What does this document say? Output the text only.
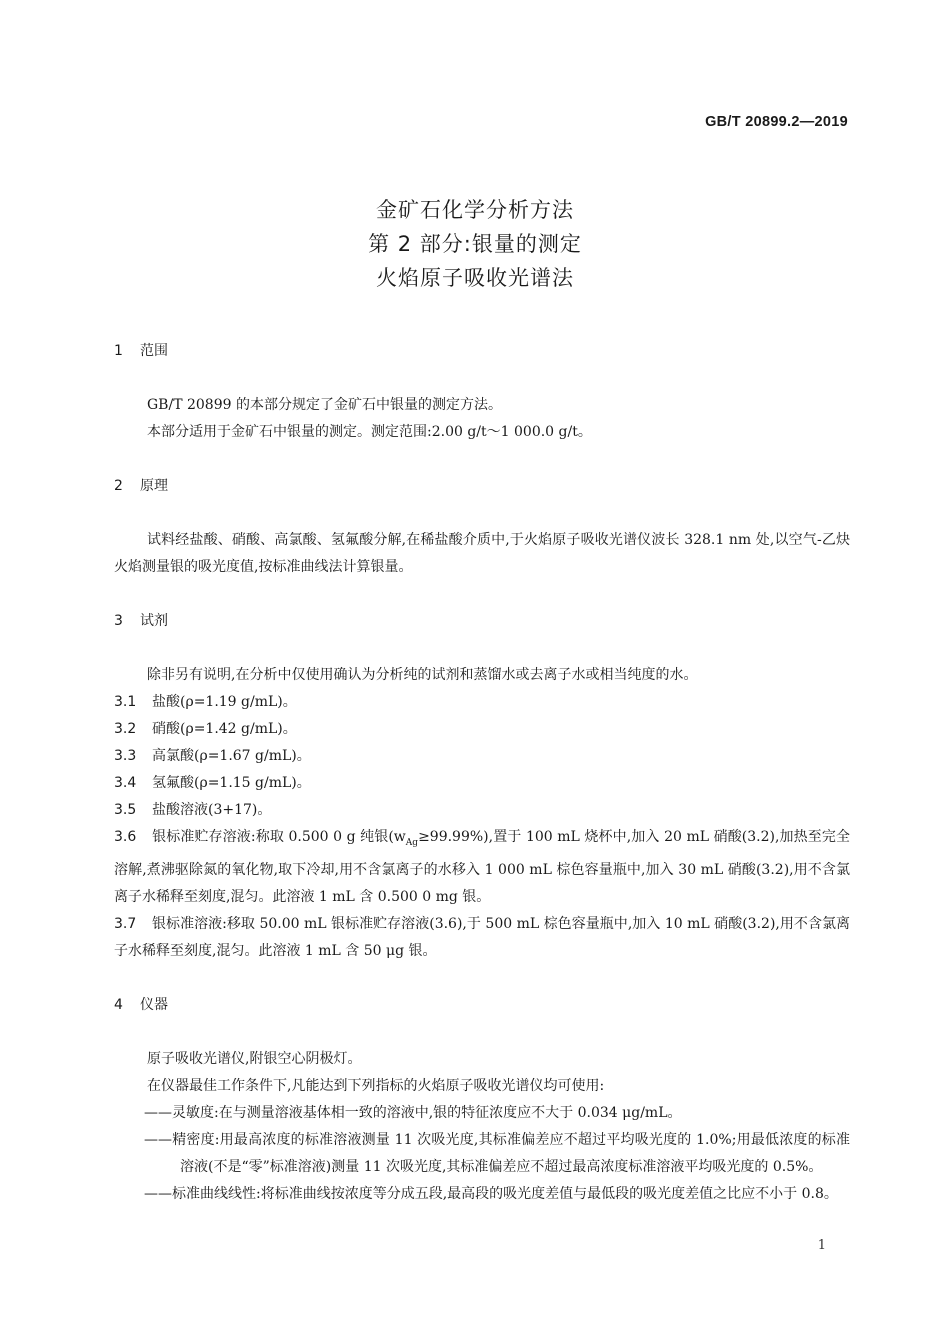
GB/T 20899.2—2019
金矿石化学分析方法
第 2 部分:银量的测定
火焰原子吸收光谱法

1 范围

GB/T 20899 的本部分规定了金矿石中银量的测定方法。

本部分适用于金矿石中银量的测定。测定范围:2.00 g/t～1 000.0 g/t。

2 原理

试料经盐酸、硝酸、高氯酸、氢氟酸分解,在稀盐酸介质中,于火焰原子吸收光谱仪波长 328.1 nm 处,以空气-乙炔火焰测量银的吸光度值,按标准曲线法计算银量。

3 试剂

除非另有说明,在分析中仅使用确认为分析纯的试剂和蒸馏水或去离子水或相当纯度的水。

3.1 盐酸(ρ=1.19 g/mL)。

3.2 硝酸(ρ=1.42 g/mL)。

3.3 高氯酸(ρ=1.67 g/mL)。

3.4 氢氟酸(ρ=1.15 g/mL)。

3.5 盐酸溶液(3+17)。

3.6 银标准贮存溶液:称取 0.500 0 g 纯银$(w_{Ag}\ge 99.99\%)$,置于 100 mL 烧杯中,加入 20 mL 硝酸(3.2),加热至完全溶解,煮沸驱除氮的氧化物,取下冷却,用不含氯离子的水移入 1 000 mL 棕色容量瓶中,加入 30 mL 硝酸(3.2),用不含氯离子水稀释至刻度,混匀。此溶液 1 mL 含 0.500 0 mg 银。

3.7 银标准溶液:移取 50.00 mL 银标准贮存溶液(3.6),于 500 mL 棕色容量瓶中,加入 10 mL 硝酸(3.2),用不含氯离子水稀释至刻度,混匀。此溶液 1 mL 含 50 μg 银。

4 仪器

原子吸收光谱仪,附银空心阴极灯。

在仪器最佳工作条件下,凡能达到下列指标的火焰原子吸收光谱仪均可使用:

——灵敏度:在与测量溶液基体相一致的溶液中,银的特征浓度应不大于 0.034 μg/mL。

——精密度:用最高浓度的标准溶液测量 11 次吸光度,其标准偏差应不超过平均吸光度的 1.0%;用最低浓度的标准溶液(不是“零”标准溶液)测量 11 次吸光度,其标准偏差应不超过最高浓度标准溶液平均吸光度的 0.5%。

——标准曲线线性:将标准曲线按浓度等分成五段,最高段的吸光度差值与最低段的吸光度差值之比应不小于 0.8。

1
